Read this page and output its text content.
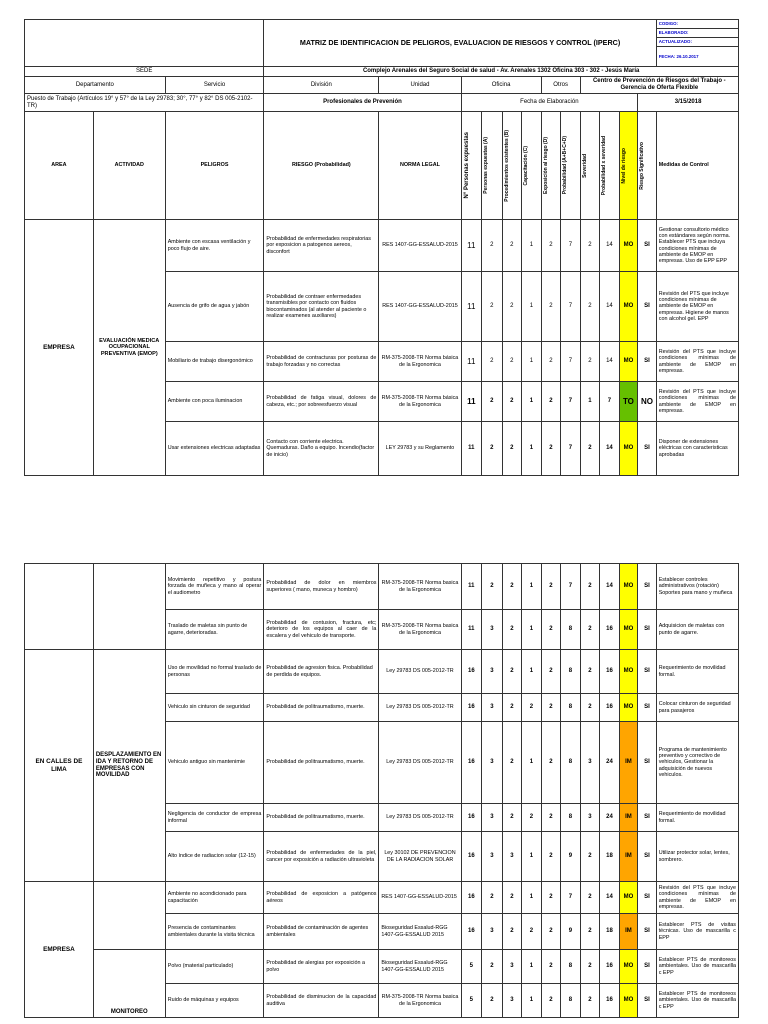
			MATRIZ DE IDENTIFICACION DE PELIGROS, EVALUACION DE RIESGOS Y CONTROL (IPERC)												CODIGO:
															ELABORADO:
															ACTUALIZADO:
															FECHA: 26.10.2017
SEDE			Complejo Arenales del Seguro Social de salud - Av. Arenales 1302 Oficina 303 - 302 - Jesús María												
Departamento		Servicio	División	Unidad	Oficina				Otros		Centro de Prevención de Riesgos del Trabajo - Gerencia de Oferta Flexible				
Puesto de Trabajo (Artículos 19° y 57° de la Ley 29783; 30°, 77° y 82° DS 005-2102-TR)			Profesionales de Prevenión		Fecha de Elaboración									3/15/2018	
AREA	ACTIVIDAD	PELIGROS	RIESGO (Probabilidad)	NORMA LEGAL	N° Personas expuestas	Personas expuestas (A)	Procedimientos existentes (B)	Capacitación (C)	Exposición al riesgo (D)	Probabilidad (A+B+C+D)	Severidad	Probabilidad x severidad	Nivel de riesgo	Riesgo Significativo	Medidas de Control
EMPRESA	EVALUACIÓN MEDICA OCUPACIONAL PREVENTIVA (EMOP)	Ambiente con escasa ventilación y poco flujo de aire.	Probabilidad de enfermedades respiratorias por exposicion a patogenos aereos, disconfort	RES 1407-GG-ESSALUD-2015	11	2	2	1	2	7	2	14	MO	SI	Gestionar consultorio médico con estándares según norma. Establecer PTS que incluya condiciones mínimas de ambiente de EMOP en empresas. Uso de EPP EPP
		Ausencia de grifo de agua y jabón	Probabilidad de contraer enfermedades transmisibles por contacto con fluidos biocontaminados (al atender al paciente o realizar examenes auxiliares)	RES 1407-GG-ESSALUD-2015	11	2	2	1	2	7	2	14	MO	SI	Revisión del PTS que incluye condiciones mínimas de ambiente de EMOP en empresas. Higiene de manos con alcohol gel. EPP
		Mobiliario de trabajo disergonómico	Probabilidad de contracturas por posturas de trabajo forzadas y no correctas	RM-375-2008-TR Norma básica de la Ergonomica	11	2	2	1	2	7	2	14	MO	SI	Revisión del PTS que incluye condiciones mínimas de ambiente de EMOP en empresas.
		Ambiente con poca iluminacion	Probabilidad de fatiga visual, dolores de cabeza, etc.; por sobreesfuerzo visual	RM-375-2008-TR Norma básica de la Ergonomica	11	2	2	1	2	7	1	7	TO	NO	Revisión del PTS que incluye condiciones mínimas de ambiente de EMOP en empresas.
		Usar extensiones electricas adaptadas	Contacto con corriente electrica. Quemaduras. Daño a equipo. Incendio(factor de inicio)	LEY 29783 y su Reglamento	11	2	2	1	2	7	2	14	MO	SI	Disponer de extensiones eléctricas con caracteristicas aprobadas
		Movimiento repetitivo y postura forzada de muñeca y mano al operar el audiometro	Probabilidad de dolor en miembros superiores ( mano, muneca y hombro)	RM-375-2008-TR Norma basica de la Ergonomica	11	2	2	1	2	7	2	14	MO	SI	Establecer controles administrativos (rotación) Soportes para mano y muñeca
		Traslado de maletas sin punto de agarre, deterioradas.	Probabilidad de contusion, fractura, etc; deterioro de los equipos al caer de la escalera y del vehiculo de transporte.	RM-375-2008-TR Norma basica de la Ergonomica	11	3	2	1	2	8	2	16	MO	SI	Adquisicion de maletas con punto de agarre.
EN CALLES DE LIMA	DESPLAZAMIENTO EN IDA Y RETORNO DE EMPRESAS CON MOVILIDAD	Uso de movilidad no formal traslado de personas	Probabilidad de agresion fisica. Probabilidad de perdida de equipos.	Ley 29783 DS 005-2012-TR	16	3	2	1	2	8	2	16	MO	SI	Requerimiento de movilidad formal.
		Vehiculo sin cinturon de seguridad	Probabilidad de politraumatismo, muerte.	Ley 29783 DS 005-2012-TR	16	3	2	2	2	8	2	16	MO	SI	Colocar cinturon de seguridad para pasajeros
		Vehiculo antiguo sin mantenimie	Probabilidad de politraumatismo, muerte.	Ley 29783 DS 005-2012-TR	16	3	2	1	2	8	3	24	IM	SI	Programa de mantenimiento preventivo y correctivo de vehiculos, Gestionar la adquisición de nuevos vehiculos.
		Negligencia de conductor de empresa informal	Probabilidad de politraumatismo, muerte.	Ley 29783 DS 005-2012-TR	16	3	2	2	2	8	3	24	IM	SI	Requerimiento de movilidad formal.
		Alto índice de radiacion solar (12-15)	Probabilidad de enfermedades de la piel, cancer por exposición a radiación ultravioleta	Ley 30102 DE PREVENCION DE LA RADIACION SOLAR	16	3	3	1	2	9	2	18	IM	SI	Utilizar protector solar, lentes, sombrero.
EMPRESA		Ambiente no acondicionado para capacitación	Probabilidad de exposicion a patógenos aéreos	RES 1407-GG-ESSALUD-2015	16	2	2	1	2	7	2	14	MO	SI	Revisión del PTS que incluye condiciones mínimas de ambiente de EMOP en empresas.
		Presencia de contaminantes ambientales durante la visita técnica	Probabilidad de contaminación de agentes ambientales	Bioseguridad Essalud-RGG 1407-GG-ESSALUD 2015	16	3	2	2	2	9	2	18	IM	SI	Establecer PTS de visitas técnicas. Uso de mascarilla c EPP
	MONITOREO	Polvo (material particulado)	Probabilidad de alergias por exposición a polvo	Bioseguridad Essalud-RGG 1407-GG-ESSALUD 2015	5	2	3	1	2	8	2	16	MO	SI	Establecer PTS de monitoreos ambientales. Uso de mascarilla c EPP
		Ruido de máquinas y equipos	Probabilidad de disminucion de la capacidad auditiva	RM-375-2008-TR Norma basica de la Ergonomica	5	2	3	1	2	8	2	16	MO	SI	Establecer PTS de monitoreos ambientales. Uso de mascarilla c EPP
